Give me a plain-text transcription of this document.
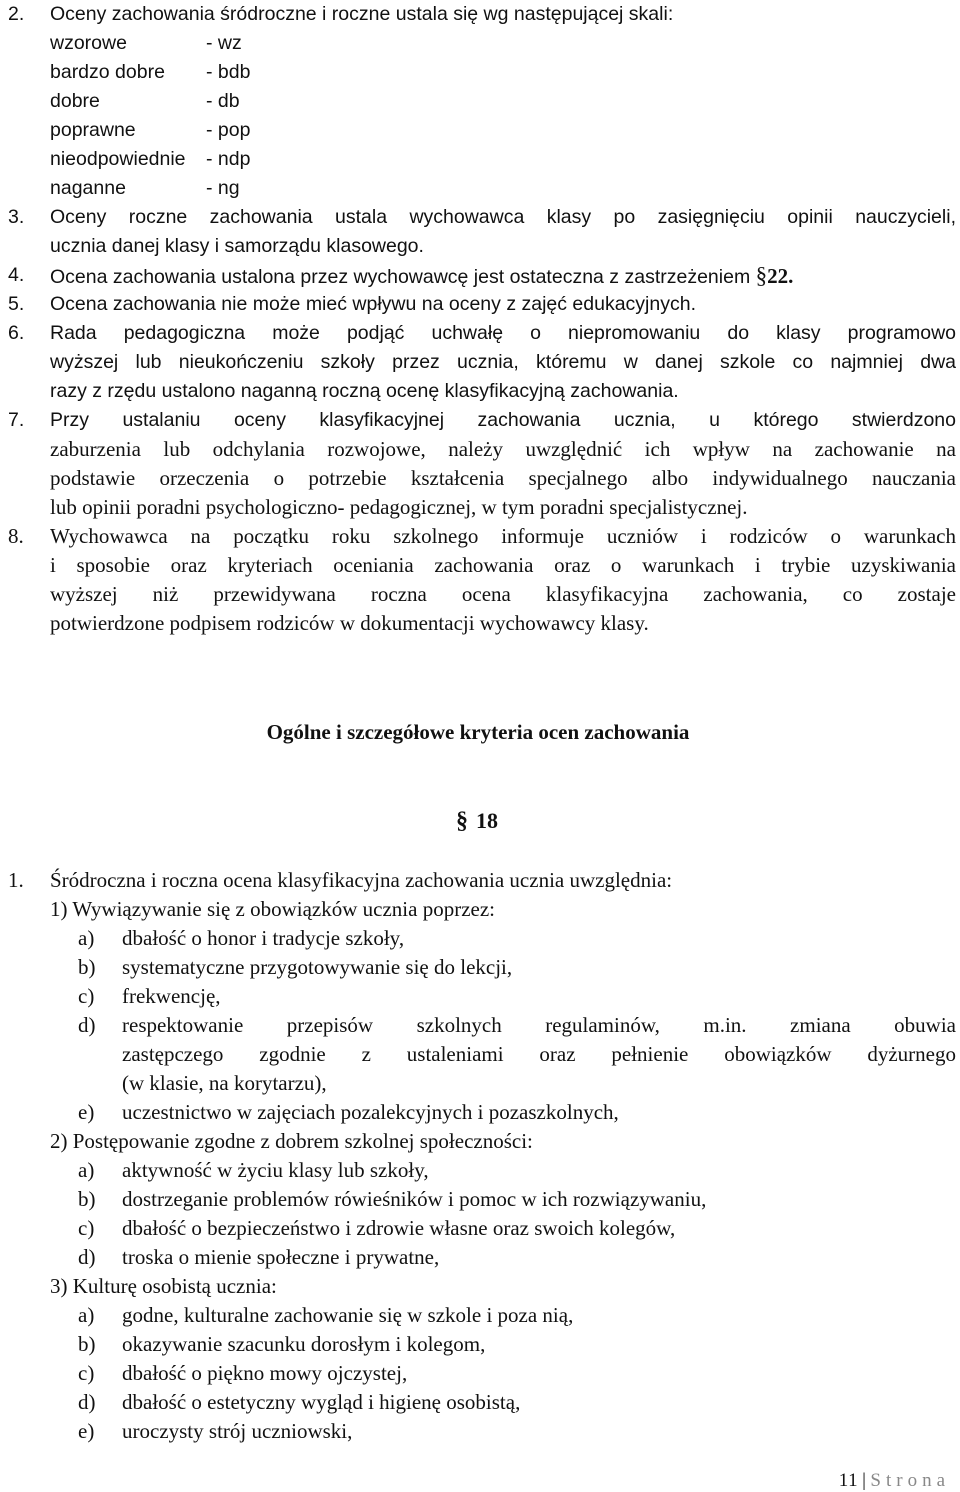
2. Oceny zachowania śródroczne i roczne ustala się wg następującej skali:
wzorowe	- wz
bardzo dobre - bdb
dobre	- db
poprawne	- pop
nieodpowiednie - ndp
naganne	- ng
3. Oceny roczne zachowania ustala wychowawca klasy po zasięgnięciu opinii nauczycieli,
ucznia danej klasy i samorządu klasowego.
4. Ocena zachowania ustalona przez wychowawcę jest ostateczna z zastrzeżeniem §22.
5. Ocena zachowania nie może mieć wpływu na oceny z zajęć edukacyjnych.
6. Rada pedagogiczna może podjąć uchwałę o niepromowaniu do klasy programowo
wyższej lub nieukończeniu szkoły przez ucznia, któremu w danej szkole co najmniej dwa
razy z rzędu ustalono naganną roczną ocenę klasyfikacyjną zachowania.
7. Przy ustalaniu oceny klasyfikacyjnej zachowania ucznia, u którego stwierdzono
zaburzenia lub odchylania rozwojowe, należy uwzględnić ich wpływ na zachowanie na
podstawie orzeczenia o potrzebie kształcenia specjalnego albo indywidualnego nauczania
lub opinii poradni psychologiczno- pedagogicznej, w tym poradni specjalistycznej.
8. Wychowawca na początku roku szkolnego informuje uczniów i rodziców o warunkach
i sposobie oraz kryteriach oceniania zachowania oraz o warunkach i trybie uzyskiwania
wyższej niż przewidywana roczna ocena klasyfikacyjna zachowania, co zostaje
potwierdzone podpisem rodziców w dokumentacji wychowawcy klasy.
Ogólne i szczegółowe kryteria ocen zachowania
§ 18
1. Śródroczna i roczna ocena klasyfikacyjna zachowania ucznia uwzględnia:
1) Wywiązywanie się z obowiązków ucznia poprzez:
a) dbałość o honor i tradycje szkoły,
b) systematyczne przygotowywanie się do lekcji,
c) frekwencję,
d) respektowanie przepisów szkolnych regulaminów, m.in. zmiana obuwia
zastępczego zgodnie z ustaleniami oraz pełnienie obowiązków dyżurnego
(w klasie, na korytarzu),
e) uczestnictwo w zajęciach pozalekcyjnych i pozaszkolnych,
2) Postępowanie zgodne z dobrem szkolnej społeczności:
a) aktywność w życiu klasy lub szkoły,
b) dostrzeganie problemów rówieśników i pomoc w ich rozwiązywaniu,
c) dbałość o bezpieczeństwo i zdrowie własne oraz swoich kolegów,
d) troska o mienie społeczne i prywatne,
3) Kulturę osobistą ucznia:
a) godne, kulturalne zachowanie się w szkole i poza nią,
b) okazywanie szacunku dorosłym i kolegom,
c) dbałość o piękno mowy ojczystej,
d) dbałość o estetyczny wygląd i higienę osobistą,
e) uroczysty strój uczniowski,
11 | Strona
